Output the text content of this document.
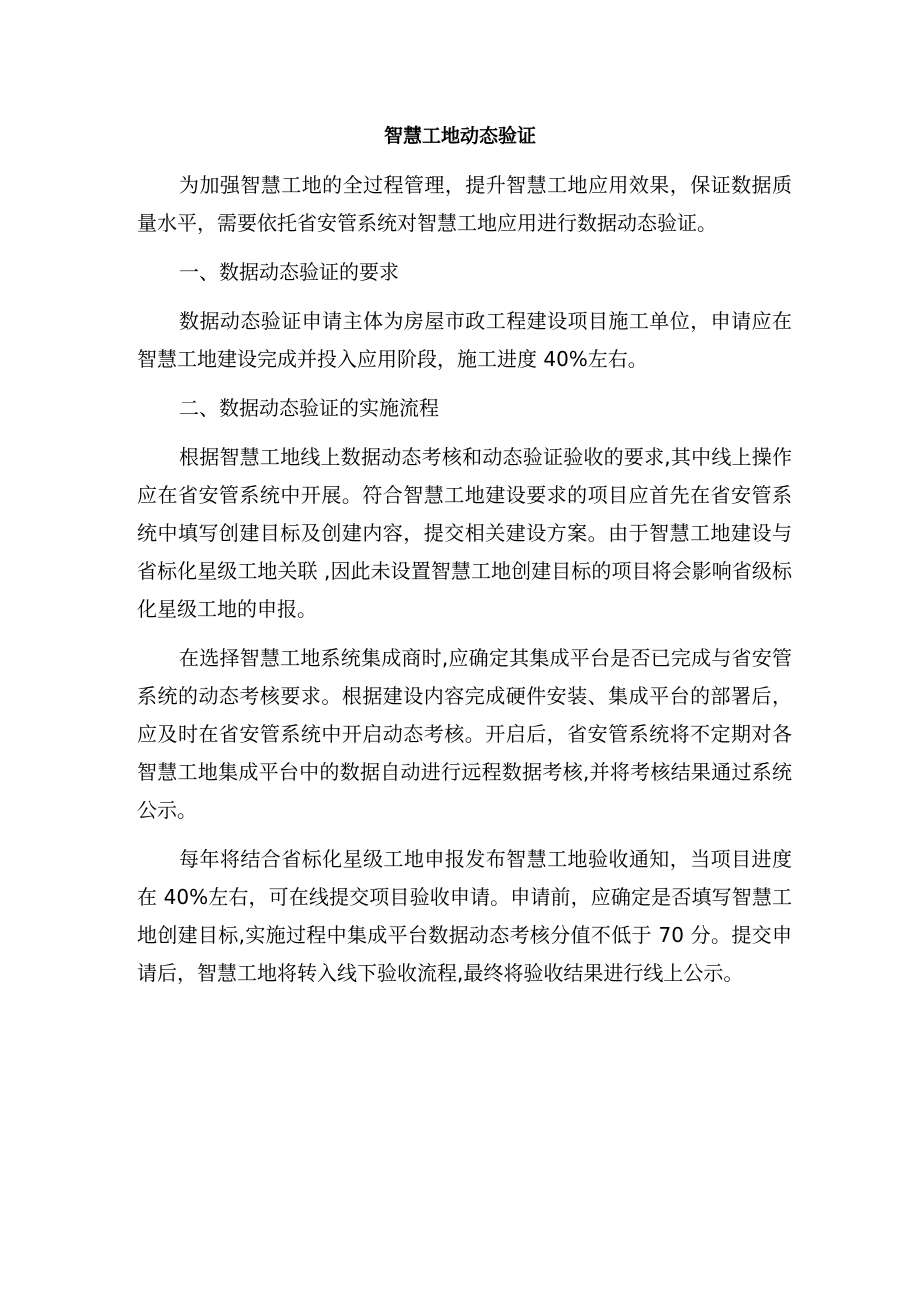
智慧工地动态验证

为加强智慧工地的全过程管理，提升智慧工地应用效果，保证数据质量水平，需要依托省安管系统对智慧工地应用进行数据动态验证。

一、数据动态验证的要求

数据动态验证申请主体为房屋市政工程建设项目施工单位，申请应在智慧工地建设完成并投入应用阶段，施工进度 40%左右。

二、数据动态验证的实施流程

根据智慧工地线上数据动态考核和动态验证验收的要求,其中线上操作应在省安管系统中开展。符合智慧工地建设要求的项目应首先在省安管系统中填写创建目标及创建内容，提交相关建设方案。由于智慧工地建设与省标化星级工地关联 ,因此未设置智慧工地创建目标的项目将会影响省级标化星级工地的申报。

在选择智慧工地系统集成商时,应确定其集成平台是否已完成与省安管系统的动态考核要求。根据建设内容完成硬件安装、集成平台的部署后，应及时在省安管系统中开启动态考核。开启后，省安管系统将不定期对各智慧工地集成平台中的数据自动进行远程数据考核,并将考核结果通过系统公示。

每年将结合省标化星级工地申报发布智慧工地验收通知，当项目进度在 40%左右，可在线提交项目验收申请。申请前，应确定是否填写智慧工地创建目标,实施过程中集成平台数据动态考核分值不低于 70 分。提交申请后，智慧工地将转入线下验收流程,最终将验收结果进行线上公示。
